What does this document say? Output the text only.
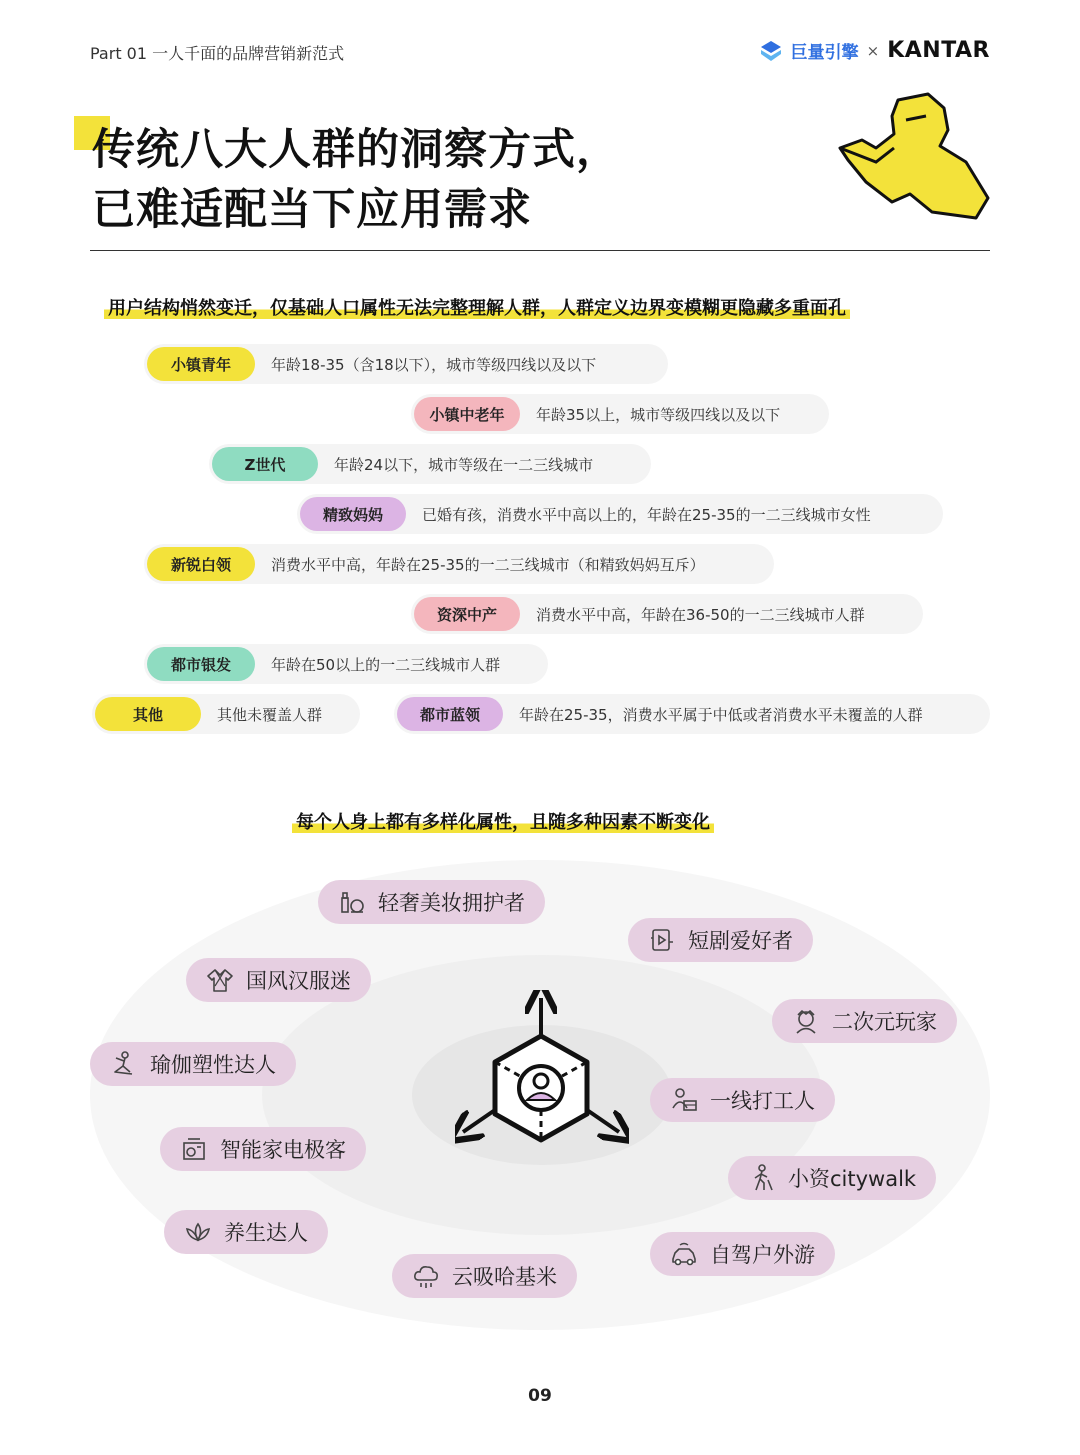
Part 01 一人千面的品牌营销新范式	巨量引擎 × KANTAR
传统八大人群的洞察方式，
已难适配当下应用需求
用户结构悄然变迁，仅基础人口属性无法完整理解人群，人群定义边界变模糊更隐藏多重面孔
小镇青年	年龄18-35（含18以下），城市等级四线以及以下
小镇中老年	年龄35以上，城市等级四线以及以下
Z世代	年龄24以下，城市等级在一二三线城市
精致妈妈	已婚有孩，消费水平中高以上的，年龄在25-35的一二三线城市女性
新锐白领	消费水平中高，年龄在25-35的一二三线城市（和精致妈妈互斥）
资深中产	消费水平中高，年龄在36-50的一二三线城市人群
都市银发	年龄在50以上的一二三线城市人群
其他	其他未覆盖人群	都市蓝领	年龄在25-35，消费水平属于中低或者消费水平未覆盖的人群
每个人身上都有多样化属性，且随多种因素不断变化
轻奢美妆拥护者
短剧爱好者
国风汉服迷
二次元玩家
瑜伽塑性达人
一线打工人
智能家电极客
小资citywalk
养生达人
自驾户外游
云吸哈基米
09
